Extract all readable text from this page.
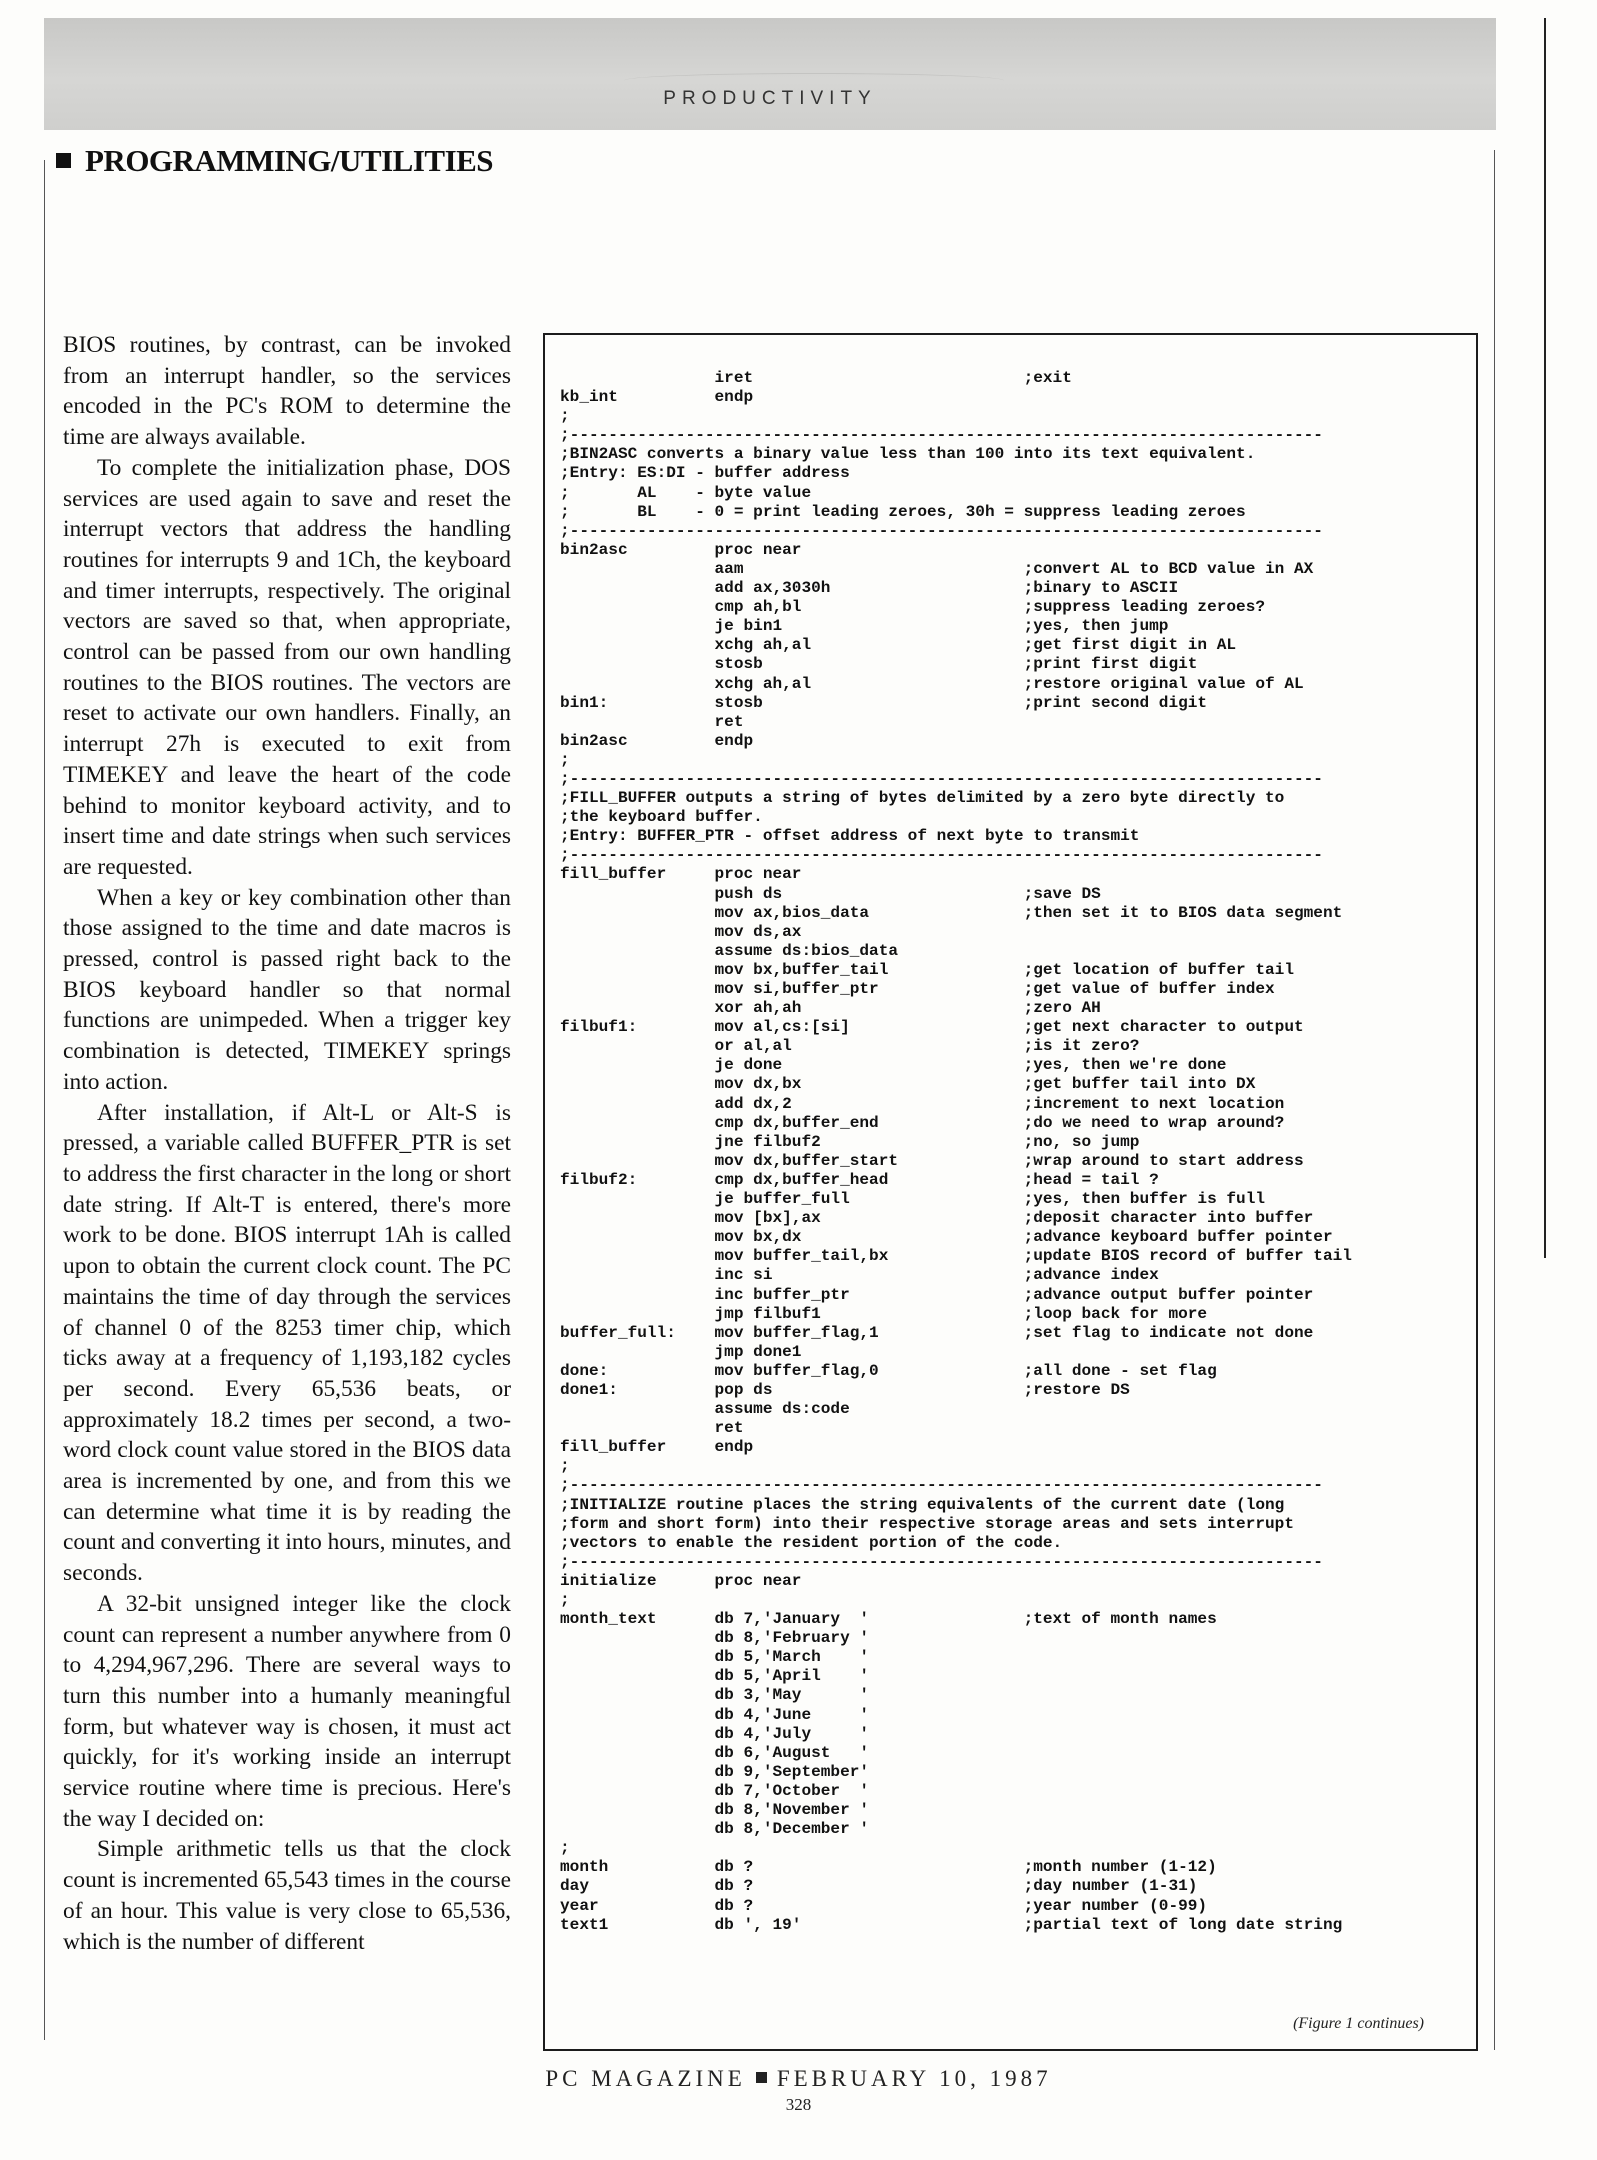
PRODUCTIVITY
PROGRAMMING/UTILITIES

BIOS routines, by contrast, can be invoked from an interrupt handler, so the services encoded in the PC's ROM to determine the time are always available.

To complete the initialization phase, DOS services are used again to save and reset the interrupt vectors that address the handling routines for interrupts 9 and 1Ch, the keyboard and timer interrupts, respectively. The original vectors are saved so that, when appropriate, control can be passed from our own handling routines to the BIOS routines. The vectors are reset to activate our own handlers. Finally, an interrupt 27h is executed to exit from TIMEKEY and leave the heart of the code behind to monitor keyboard activity, and to insert time and date strings when such services are requested.

When a key or key combination other than those assigned to the time and date macros is pressed, control is passed right back to the BIOS keyboard handler so that normal functions are unimpeded. When a trigger key combination is detected, TIMEKEY springs into action.

After installation, if Alt-L or Alt-S is pressed, a variable called BUFFER_PTR is set to address the first character in the long or short date string. If Alt-T is entered, there's more work to be done. BIOS interrupt 1Ah is called upon to obtain the current clock count. The PC maintains the time of day through the services of channel 0 of the 8253 timer chip, which ticks away at a frequency of 1,193,182 cycles per second. Every 65,536 beats, or approximately 18.2 times per second, a two-word clock count value stored in the BIOS data area is incremented by one, and from this we can determine what time it is by reading the count and converting it into hours, minutes, and seconds.

A 32-bit unsigned integer like the clock count can represent a number anywhere from 0 to 4,294,967,296. There are several ways to turn this number into a humanly meaningful form, but whatever way is chosen, it must act quickly, for it's working inside an interrupt service routine where time is precious. Here's the way I decided on:

Simple arithmetic tells us that the clock count is incremented 65,543 times in the course of an hour. This value is very close to 65,536, which is the number of different

iret                            ;exit
kb_int          endp
;
;------------------------------------------------------------------------------
;BIN2ASC converts a binary value less than 100 into its text equivalent.
;Entry: ES:DI - buffer address
;       AL    - byte value
;       BL    - 0 = print leading zeroes, 30h = suppress leading zeroes
;------------------------------------------------------------------------------
bin2asc         proc near
aam                             ;convert AL to BCD value in AX
add ax,3030h                    ;binary to ASCII
cmp ah,bl                       ;suppress leading zeroes?
je bin1                         ;yes, then jump
xchg ah,al                      ;get first digit in AL
stosb                           ;print first digit
xchg ah,al                      ;restore original value of AL
bin1:           stosb                           ;print second digit
ret
bin2asc         endp
;
;------------------------------------------------------------------------------
;FILL_BUFFER outputs a string of bytes delimited by a zero byte directly to
;the keyboard buffer.
;Entry: BUFFER_PTR - offset address of next byte to transmit
;------------------------------------------------------------------------------
fill_buffer     proc near
push ds                         ;save DS
mov ax,bios_data                ;then set it to BIOS data segment
mov ds,ax
assume ds:bios_data
mov bx,buffer_tail              ;get location of buffer tail
mov si,buffer_ptr               ;get value of buffer index
xor ah,ah                       ;zero AH
filbuf1:        mov al,cs:[si]                  ;get next character to output
or al,al                        ;is it zero?
je done                         ;yes, then we're done
mov dx,bx                       ;get buffer tail into DX
add dx,2                        ;increment to next location
cmp dx,buffer_end               ;do we need to wrap around?
jne filbuf2                     ;no, so jump
mov dx,buffer_start             ;wrap around to start address
filbuf2:        cmp dx,buffer_head              ;head = tail ?
je buffer_full                  ;yes, then buffer is full
mov [bx],ax                     ;deposit character into buffer
mov bx,dx                       ;advance keyboard buffer pointer
mov buffer_tail,bx              ;update BIOS record of buffer tail
inc si                          ;advance index
inc buffer_ptr                  ;advance output buffer pointer
jmp filbuf1                     ;loop back for more
buffer_full:    mov buffer_flag,1               ;set flag to indicate not done
jmp done1
done:           mov buffer_flag,0               ;all done - set flag
done1:          pop ds                          ;restore DS
assume ds:code
ret
fill_buffer     endp
;
;------------------------------------------------------------------------------
;INITIALIZE routine places the string equivalents of the current date (long
;form and short form) into their respective storage areas and sets interrupt
;vectors to enable the resident portion of the code.
;------------------------------------------------------------------------------
initialize      proc near
;
month_text      db 7,'January  '                ;text of month names
db 8,'February '
db 5,'March    '
db 5,'April    '
db 3,'May      '
db 4,'June     '
db 4,'July     '
db 6,'August   '
db 9,'September'
db 7,'October  '
db 8,'November '
db 8,'December '
;
month           db ?                            ;month number (1-12)
day             db ?                            ;day number (1-31)
year            db ?                            ;year number (0-99)
text1           db ', 19'                       ;partial text of long date string
(Figure 1 continues)
PC MAGAZINE FEBRUARY 10, 1987
328
